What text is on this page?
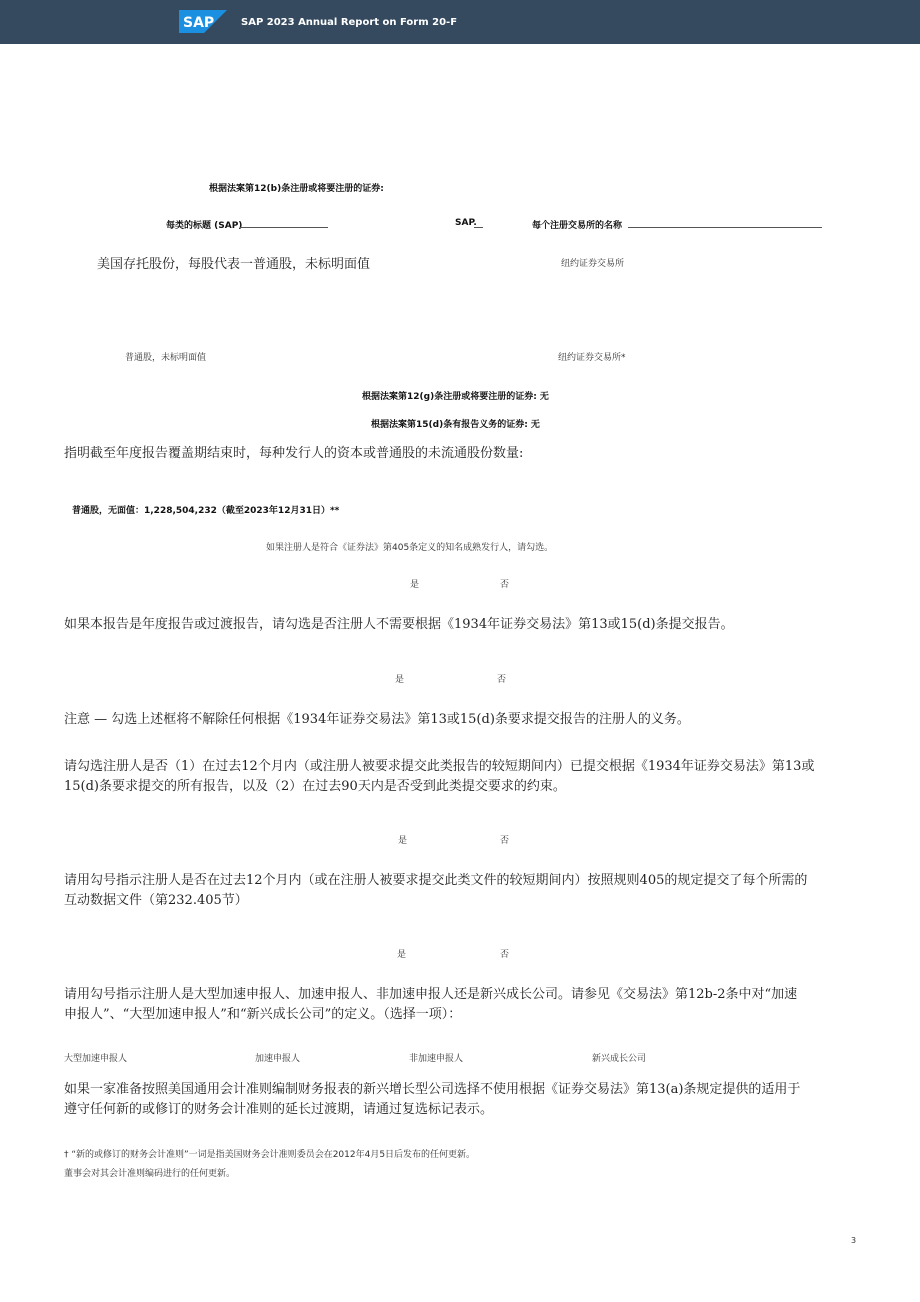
SAP	SAP 2023 Annual Report on Form 20-F
根据法案第12(b)条注册或将要注册的证券:
每类的标题 (SAP)	SAP.	每个注册交易所的名称
美国存托股份，每股代表一普通股，未标明面值	纽约证券交易所
普通股，未标明面值	纽约证券交易所*
根据法案第12(g)条注册或将要注册的证券: 无
根据法案第15(d)条有报告义务的证券: 无
指明截至年度报告覆盖期结束时，每种发行人的资本或普通股的未流通股份数量:
普通股，无面值：1,228,504,232（截至2023年12月31日）**
如果注册人是符合《证券法》第405条定义的知名成熟发行人，请勾选。
是	否
如果本报告是年度报告或过渡报告，请勾选是否注册人不需要根据《1934年证券交易法》第13或15(d)条提交报告。
是	否
注意 — 勾选上述框将不解除任何根据《1934年证券交易法》第13或15(d)条要求提交报告的注册人的义务。
请勾选注册人是否（1）在过去12个月内（或注册人被要求提交此类报告的较短期间内）已提交根据《1934年证券交易法》第13或
15(d)条要求提交的所有报告，以及（2）在过去90天内是否受到此类提交要求的约束。
是	否
请用勾号指示注册人是否在过去12个月内（或在注册人被要求提交此类文件的较短期间内）按照规则405的规定提交了每个所需的
互动数据文件（第232.405节）
是	否
请用勾号指示注册人是大型加速申报人、加速申报人、非加速申报人还是新兴成长公司。请参见《交易法》第12b-2条中对“加速
申报人”、“大型加速申报人”和“新兴成长公司”的定义。（选择一项）：
大型加速申报人	加速申报人	非加速申报人	新兴成长公司
如果一家准备按照美国通用会计准则编制财务报表的新兴增长型公司选择不使用根据《证券交易法》第13(a)条规定提供的适用于
遵守任何新的或修订的财务会计准则的延长过渡期，请通过复选标记表示。
† “新的或修订的财务会计准则”一词是指美国财务会计准则委员会在2012年4月5日后发布的任何更新。
董事会对其会计准则编码进行的任何更新。
3
